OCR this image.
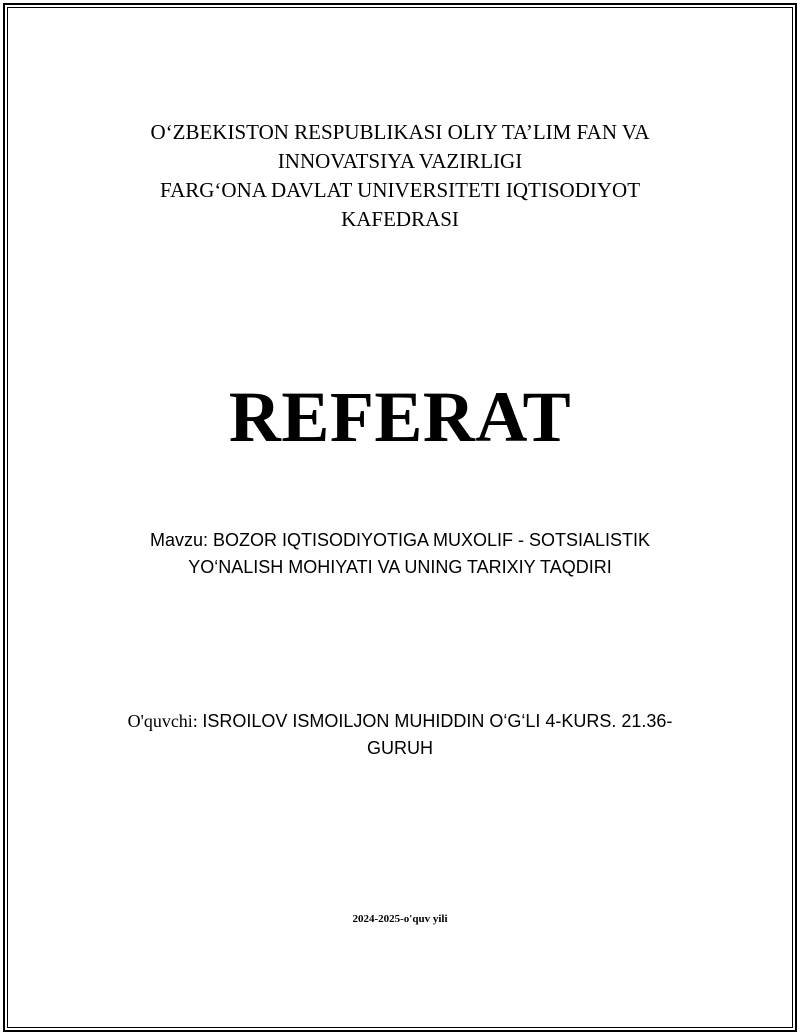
O‘ZBEKISTON RESPUBLIKASI OLIY TA’LIM FAN VA
INNOVATSIYA VAZIRLIGI
FARG‘ONA DAVLAT UNIVERSITETI IQTISODIYOT
KAFEDRASI
REFERAT
Mavzu: BOZOR IQTISODIYOTIGA MUXOLIF - SOTSIALISTIK
YO‘NALISH MOHIYATI VA UNING TARIXIY TAQDIRI
O'quvchi: ISROILOV ISMOILJON MUHIDDIN O‘G‘LI 4-KURS. 21.36-
GURUH
2024-2025-o'quv yili
